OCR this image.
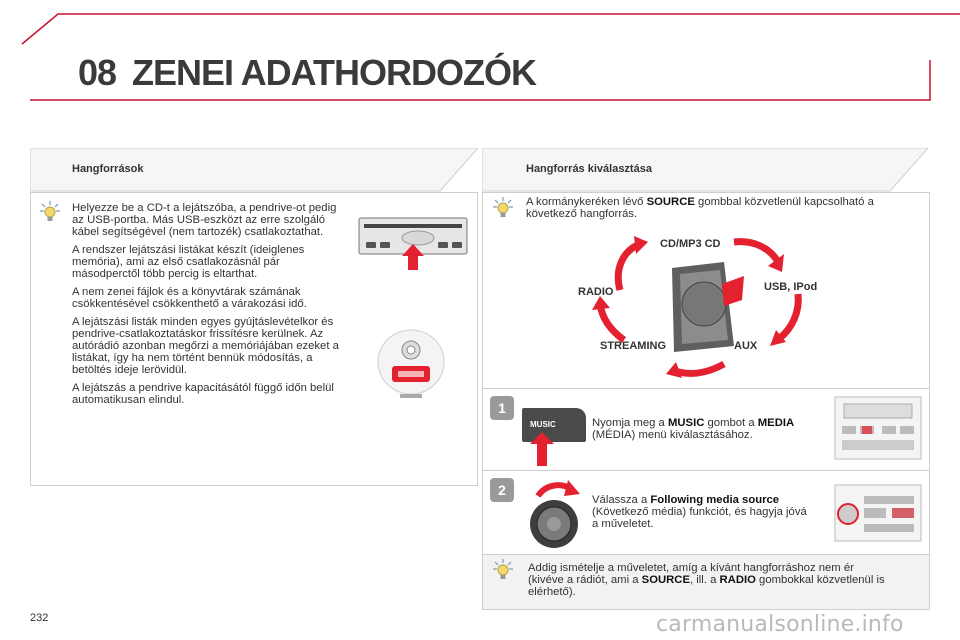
08 ZENEI ADATHORDOZÓK
Hangforrások

Helyezze be a CD-t a lejátszóba, a pendrive-ot pedig az USB-portba. Más USB-eszközt az erre szolgáló kábel segítségével (nem tartozék) csatlakoztathat.

A rendszer lejátszási listákat készít (ideiglenes memória), ami az első csatlakozásnál pár másodperctől több percig is eltarthat.

A nem zenei fájlok és a könyvtárak számának csökkentésével csökkenthető a várakozási idő.

A lejátszási listák minden egyes gyújtáslevételkor és pendrive-csatlakoztatáskor frissítésre kerülnek. Az autórádió azonban megőrzi a memóriájában ezeket a listákat, így ha nem történt bennük módosítás, a betöltés ideje lerövidül.

A lejátszás a pendrive kapacitásától függő időn belül automatikusan elindul.

Hangforrás kiválasztása
A kormánykeréken lévő SOURCE gombbal közvetlenül kapcsolható a következő hangforrás.
CD/MP3 CD
USB, IPod
AUX
STREAMING
RADIO
1
MUSIC	Nyomja meg a MUSIC gombot a MEDIA (MÉDIA) menü kiválasztásához.
2
Válassza a Following media source (Következő média) funkciót, és hagyja jóvá a műveletet.
Addig ismételje a műveletet, amíg a kívánt hangforráshoz nem ér (kivéve a rádiót, ami a SOURCE, ill. a RADIO gombokkal közvetlenül is elérhető).
232	carmanualsonline.info
